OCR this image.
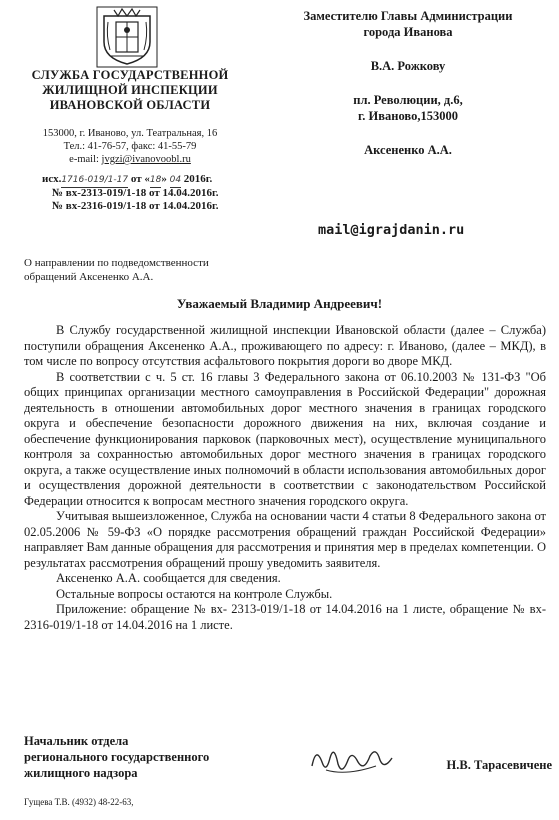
СЛУЖБА ГОСУДАРСТВЕННОЙ ЖИЛИЩНОЙ ИНСПЕКЦИИ ИВАНОВСКОЙ ОБЛАСТИ
153000, г. Иваново, ул. Театральная, 16
Тел.: 41-76-57, факс: 41-55-79
e-mail: jvgzi@ivanovoobl.ru
исх.1716-019/1-17 от «18» 04 2016г.
№ вх-2313-019/1-18 от 14.04.2016г.
№ вх-2316-019/1-18 от 14.04.2016г.
Заместителю Главы Администрации
города Иванова
В.А. Рожкову
пл. Революции, д.6,
г. Иваново,153000
Аксененко А.А.
mail@igrajdanin.ru
О направлении по подведомственности
обращений Аксененко А.А.
Уважаемый Владимир Андреевич!

В Службу государственной жилищной инспекции Ивановской области (далее – Служба) поступили обращения Аксененко А.А., проживающего по адресу: г. Иваново, (далее – МКД), в том числе по вопросу отсутствия асфальтового покрытия дороги во дворе МКД.

В соответствии с ч. 5 ст. 16 главы 3 Федерального закона от 06.10.2003 № 131-ФЗ "Об общих принципах организации местного самоуправления в Российской Федерации" дорожная деятельность в отношении автомобильных дорог местного значения в границах городского округа и обеспечение безопасности дорожного движения на них, включая создание и обеспечение функционирования парковок (парковочных мест), осуществление муниципального контроля за сохранностью автомобильных дорог местного значения в границах городского округа, а также осуществление иных полномочий в области использования автомобильных дорог и осуществления дорожной деятельности в соответствии с законодательством Российской Федерации относится к вопросам местного значения городского округа.

Учитывая вышеизложенное, Служба на основании части 4 статьи 8 Федерального закона от 02.05.2006 № 59-ФЗ «О порядке рассмотрения обращений граждан Российской Федерации» направляет Вам данные обращения для рассмотрения и принятия мер в пределах компетенции. О результатах рассмотрения обращений прошу уведомить заявителя.

Аксененко А.А. сообщается для сведения.

Остальные вопросы остаются на контроле Службы.

Приложение: обращение № вх- 2313-019/1-18 от 14.04.2016 на 1 листе, обращение № вх- 2316-019/1-18 от 14.04.2016 на 1 листе.

Начальник отдела
регионального государственного
жилищного надзора
Н.В. Тарасевичене
Гущева Т.В. (4932) 48-22-63,
